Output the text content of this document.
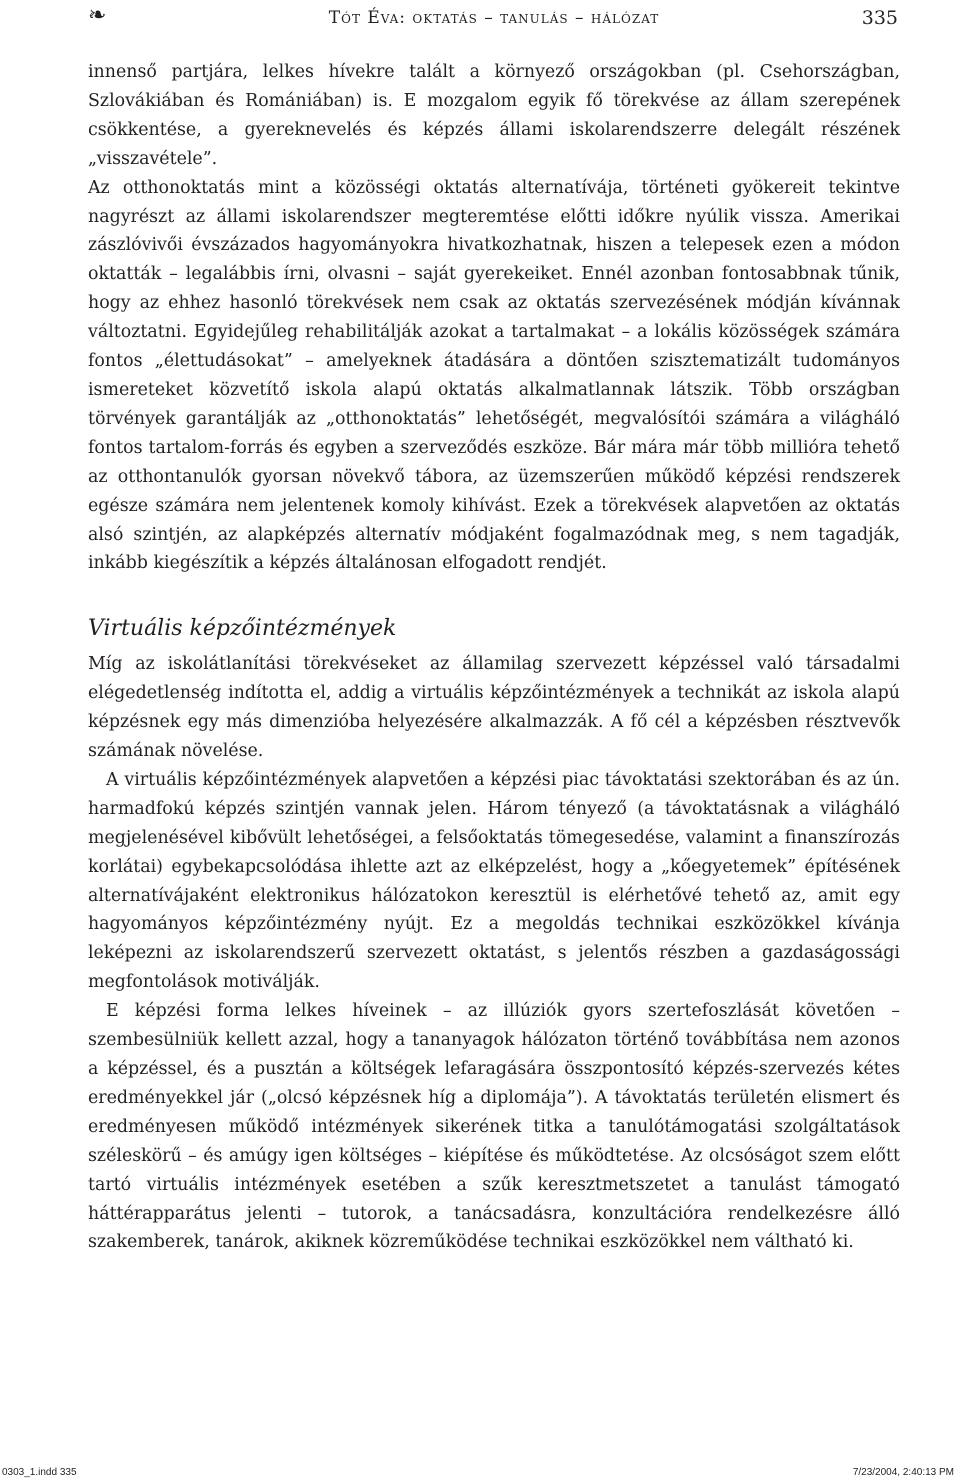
❧	Tót Éva: oktatás – tanulás – hálózat	335

innenső partjára, lelkes hívekre talált a környező országokban (pl. Csehországban, Szlovákiában és Romániában) is. E mozgalom egyik fő törekvése az állam szerepének csökkentése, a gyereknevelés és képzés állami iskolarendszerre delegált részének „visszavétele”.

Az otthonoktatás mint a közösségi oktatás alternatívája, történeti gyökereit tekintve nagyrészt az állami iskolarendszer megteremtése előtti időkre nyúlik vissza. Amerikai zászlóvivői évszázados hagyományokra hivatkozhatnak, hiszen a telepesek ezen a módon oktatták – legalábbis írni, olvasni – saját gyerekeiket. Ennél azonban fontosabbnak tűnik, hogy az ehhez hasonló törekvések nem csak az oktatás szervezésének módján kívánnak változtatni. Egyidejűleg rehabilitálják azokat a tartalmakat – a lokális közösségek számára fontos „élettudásokat” – amelyeknek átadására a döntően szisztematizált tudományos ismereteket közvetítő iskola alapú oktatás alkalmatlannak látszik. Több országban törvények garantálják az „otthonoktatás” lehetőségét, megvalósítói számára a világháló fontos tartalom-forrás és egyben a szerveződés eszköze. Bár mára már több millióra tehető az otthontanulók gyorsan növekvő tábora, az üzemszerűen működő képzési rendszerek egésze számára nem jelentenek komoly kihívást. Ezek a törekvések alapvetően az oktatás alsó szintjén, az alapképzés alternatív módjaként fogalmazódnak meg, s nem tagadják, inkább kiegészítik a képzés általánosan elfogadott rendjét.

Virtuális képzőintézmények

Míg az iskolátlanítási törekvéseket az államilag szervezett képzéssel való társadalmi elégedetlenség indította el, addig a virtuális képzőintézmények a technikát az iskola alapú képzésnek egy más dimenzióba helyezésére alkalmazzák. A fő cél a képzésben résztvevők számának növelése.

A virtuális képzőintézmények alapvetően a képzési piac távoktatási szektorában és az ún. harmadfokú képzés szintjén vannak jelen. Három tényező (a távoktatásnak a világháló megjelenésével kibővült lehetőségei, a felsőoktatás tömegesedése, valamint a finanszírozás korlátai) egybekapcsolódása ihlette azt az elképzelést, hogy a „kőegyetemek” építésének alternatívájaként elektronikus hálózatokon keresztül is elérhetővé tehető az, amit egy hagyományos képzőintézmény nyújt. Ez a megoldás technikai eszközökkel kívánja leképezni az iskolarendszerű szervezett oktatást, s jelentős részben a gazdaságossági megfontolások motiválják.

E képzési forma lelkes híveinek – az illúziók gyors szertefoszlását követően – szembesülniük kellett azzal, hogy a tananyagok hálózaton történő továbbítása nem azonos a képzéssel, és a pusztán a költségek lefaragására összpontosító képzés-szervezés kétes eredményekkel jár („olcsó képzésnek híg a diplomája”). A távoktatás területén elismert és eredményesen működő intézmények sikerének titka a tanulótámogatási szolgáltatások széleskörű – és amúgy igen költséges – kiépítése és működtetése. Az olcsóságot szem előtt tartó virtuális intézmények esetében a szűk keresztmetszetet a tanulást támogató háttérapparátus jelenti – tutorok, a tanácsadásra, konzultációra rendelkezésre álló szakemberek, tanárok, akiknek közreműködése technikai eszközökkel nem váltható ki.

0303_1.indd 335	7/23/2004, 2:40:13 PM
